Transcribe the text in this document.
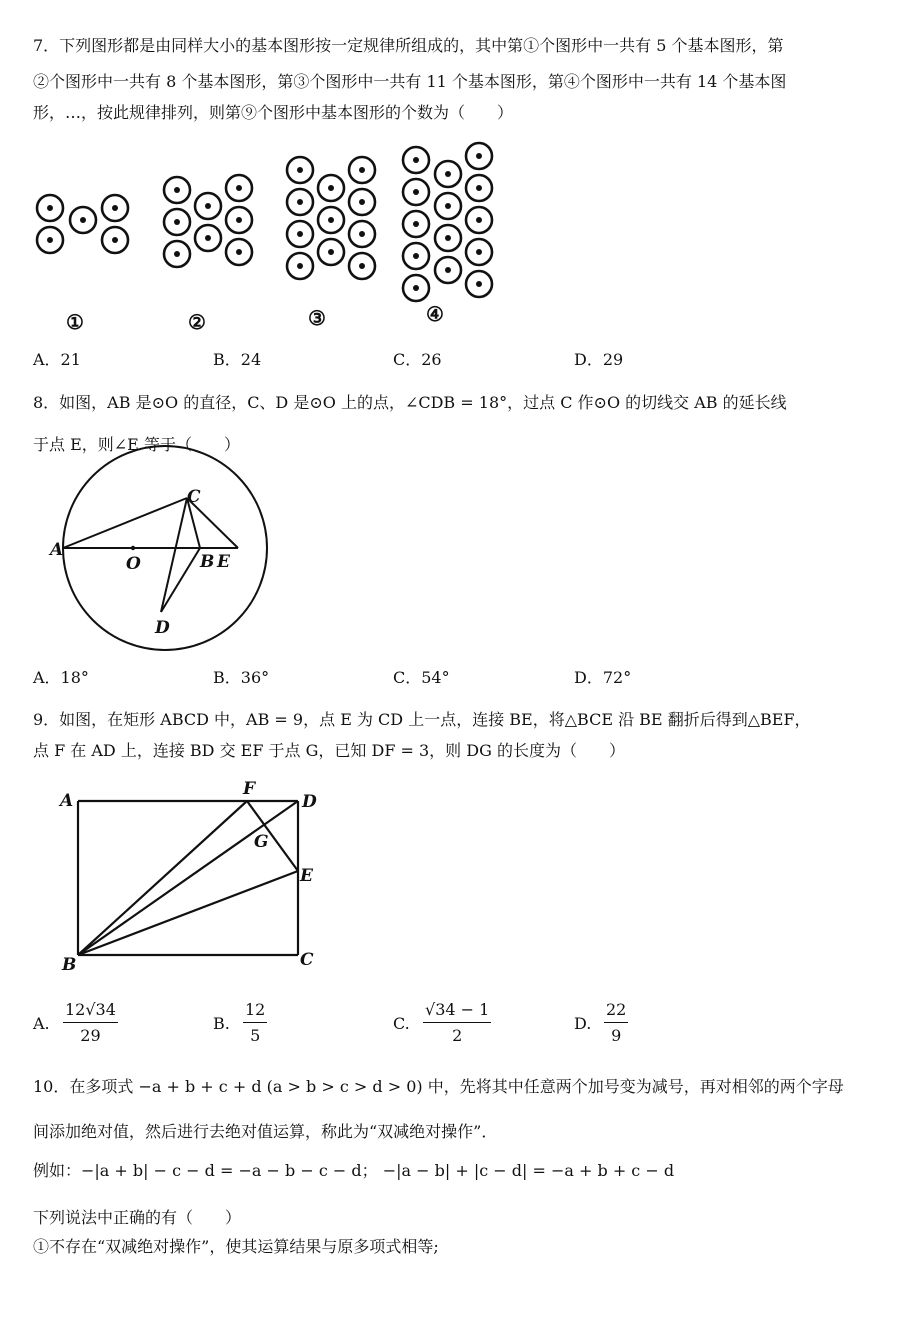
7．下列图形都是由同样大小的基本图形按一定规律所组成的，其中第①个图形中一共有 5 个基本图形，第
②个图形中一共有 8 个基本图形，第③个图形中一共有 11 个基本图形，第④个图形中一共有 14 个基本图
形，…，按此规律排列，则第⑨个图形中基本图形的个数为（　　）
①	②	③	④
A．21	B．24	C．26	D．29
8．如图，AB 是⊙O 的直径，C、D 是⊙O 上的点，∠CDB = 18°，过点 C 作⊙O 的切线交 AB 的延长线
于点 E，则∠E 等于（　　）
A
O	B E
C
D
A．18°	B．36°	C．54°	D．72°
9．如图，在矩形 ABCD 中，AB = 9，点 E 为 CD 上一点，连接 BE，将△BCE 沿 BE 翻折后得到△BEF，
点 F 在 AD 上，连接 BD 交 EF 于点 G，已知 DF = 3，则 DG 的长度为（　　）
A
F
D
G
E
B	C
A. $\frac{12√34}{29}$	B. $\frac{12}{5}$	C. $\frac{√34 - 1}{2}$	D. $\frac{22}{9}$
10．在多项式 −a + b + c + d (a > b > c > d > 0) 中，先将其中任意两个加号变为减号，再对相邻的两个字母
间添加绝对值，然后进行去绝对值运算，称此为“双减绝对操作”．
例如：−|a + b| − c − d = −a − b − c − d； −|a − b| + |c − d| = −a + b + c − d
下列说法中正确的有（　　）
①不存在“双减绝对操作”，使其运算结果与原多项式相等;
